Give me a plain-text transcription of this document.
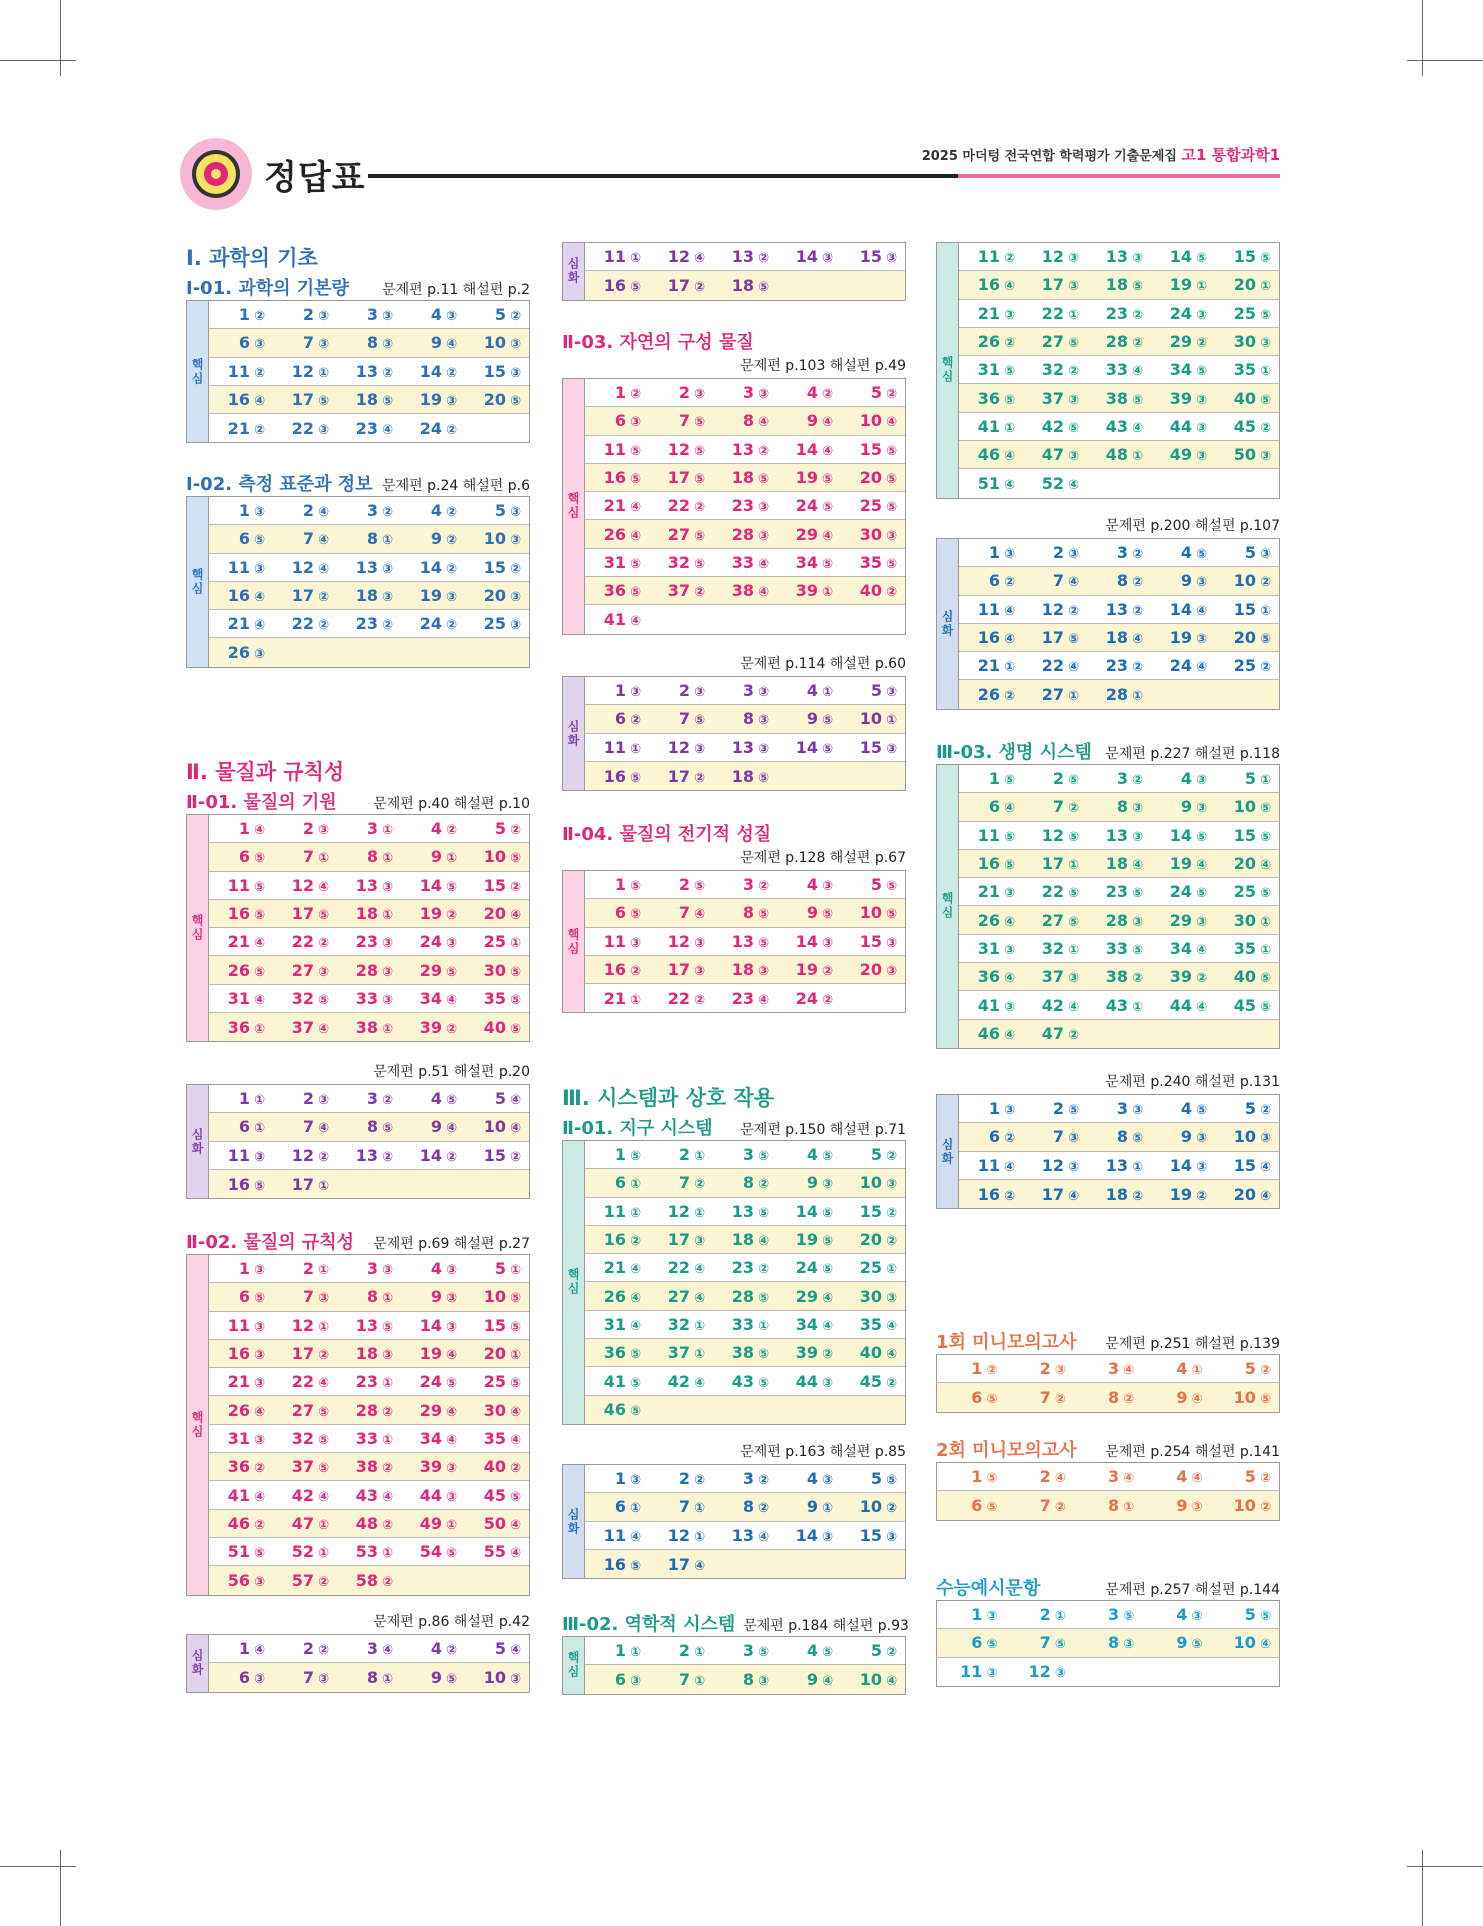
정답표
2025 마더텅 전국연합 학력평가 기출문제집 고1 통합과학1
Ⅰ. 과학의 기초
Ⅰ-01. 과학의 기본량	문제편 p.11 해설편 p.2
핵심
1 ②	2 ③	3 ③	4 ③	5 ②
6 ③	7 ③	8 ③	9 ④	10 ③
11 ②	12 ①	13 ②	14 ②	15 ③
16 ④	17 ⑤	18 ⑤	19 ③	20 ⑤
21 ②	22 ③	23 ④	24 ②
Ⅰ-02. 측정 표준과 정보 문제편 p.24 해설편 p.6
핵심
1 ③	2 ④	3 ②	4 ②	5 ③
6 ⑤	7 ④	8 ①	9 ②	10 ③
11 ③	12 ④	13 ③	14 ②	15 ②
16 ④	17 ②	18 ③	19 ③	20 ③
21 ④	22 ②	23 ②	24 ②	25 ③
26 ③
Ⅱ. 물질과 규칙성
Ⅱ-01. 물질의 기원	문제편 p.40 해설편 p.10
핵심
1 ④	2 ③	3 ①	4 ②	5 ②
6 ⑤	7 ①	8 ①	9 ①	10 ⑤
11 ⑤	12 ④	13 ③	14 ⑤	15 ②
16 ⑤	17 ⑤	18 ①	19 ②	20 ④
21 ④	22 ②	23 ③	24 ③	25 ①
26 ⑤	27 ③	28 ③	29 ⑤	30 ⑤
31 ④	32 ⑤	33 ③	34 ④	35 ⑤
36 ①	37 ④	38 ①	39 ②	40 ⑤
문제편 p.51 해설편 p.20
심화
1 ①	2 ③	3 ②	4 ⑤	5 ④
6 ①	7 ④	8 ⑤	9 ④	10 ④
11 ③	12 ②	13 ②	14 ②	15 ②
16 ⑤	17 ①
Ⅱ-02. 물질의 규칙성	문제편 p.69 해설편 p.27
핵심
1 ③	2 ①	3 ③	4 ③	5 ①
6 ⑤	7 ③	8 ①	9 ③	10 ⑤
11 ③	12 ①	13 ⑤	14 ③	15 ⑤
16 ③	17 ②	18 ③	19 ④	20 ①
21 ③	22 ④	23 ①	24 ⑤	25 ⑤
26 ④	27 ⑤	28 ②	29 ④	30 ④
31 ③	32 ⑤	33 ①	34 ④	35 ④
36 ②	37 ⑤	38 ②	39 ③	40 ②
41 ④	42 ④	43 ④	44 ③	45 ⑤
46 ②	47 ①	48 ②	49 ①	50 ④
51 ⑤	52 ①	53 ①	54 ⑤	55 ④
56 ③	57 ②	58 ②
문제편 p.86 해설편 p.42
심화
1 ④	2 ②	3 ④	4 ②	5 ④
6 ③	7 ③	8 ①	9 ⑤	10 ③
심화
11 ①	12 ④	13 ②	14 ③	15 ③
16 ⑤	17 ②	18 ⑤
Ⅱ-03. 자연의 구성 물질
문제편 p.103 해설편 p.49
핵심
1 ②	2 ③	3 ③	4 ②	5 ②
6 ③	7 ⑤	8 ④	9 ④	10 ④
11 ⑤	12 ⑤	13 ②	14 ④	15 ⑤
16 ⑤	17 ⑤	18 ⑤	19 ⑤	20 ⑤
21 ④	22 ②	23 ③	24 ⑤	25 ⑤
26 ④	27 ⑤	28 ③	29 ④	30 ③
31 ⑤	32 ⑤	33 ④	34 ⑤	35 ⑤
36 ⑤	37 ②	38 ④	39 ①	40 ②
41 ④
문제편 p.114 해설편 p.60
심화
1 ③	2 ③	3 ③	4 ①	5 ③
6 ②	7 ⑤	8 ③	9 ⑤	10 ①
11 ①	12 ③	13 ③	14 ⑤	15 ③
16 ⑤	17 ②	18 ⑤
Ⅱ-04. 물질의 전기적 성질
문제편 p.128 해설편 p.67
핵심
1 ⑤	2 ⑤	3 ②	4 ③	5 ⑤
6 ⑤	7 ④	8 ⑤	9 ⑤	10 ⑤
11 ③	12 ③	13 ⑤	14 ③	15 ③
16 ②	17 ③	18 ③	19 ②	20 ③
21 ①	22 ②	23 ④	24 ②
Ⅲ. 시스템과 상호 작용
Ⅱ-01. 지구 시스템	문제편 p.150 해설편 p.71
핵심
1 ⑤	2 ①	3 ⑤	4 ⑤	5 ②
6 ①	7 ②	8 ②	9 ③	10 ③
11 ①	12 ①	13 ⑤	14 ⑤	15 ②
16 ②	17 ③	18 ④	19 ⑤	20 ②
21 ④	22 ④	23 ②	24 ⑤	25 ①
26 ④	27 ④	28 ⑤	29 ④	30 ③
31 ④	32 ①	33 ①	34 ④	35 ④
36 ⑤	37 ①	38 ⑤	39 ②	40 ④
41 ⑤	42 ④	43 ⑤	44 ③	45 ②
46 ⑤
문제편 p.163 해설편 p.85
심화
1 ③	2 ②	3 ②	4 ③	5 ⑤
6 ①	7 ①	8 ②	9 ①	10 ②
11 ④	12 ①	13 ④	14 ③	15 ③
16 ⑤	17 ④
Ⅲ-02. 역학적 시스템 문제편 p.184 해설편 p.93
핵심
1 ①	2 ①	3 ⑤	4 ⑤	5 ②
6 ③	7 ①	8 ③	9 ④	10 ④
핵심
11 ②	12 ③	13 ③	14 ⑤	15 ⑤
16 ④	17 ③	18 ⑤	19 ①	20 ①
21 ③	22 ①	23 ②	24 ③	25 ⑤
26 ②	27 ⑤	28 ②	29 ②	30 ③
31 ⑤	32 ②	33 ④	34 ⑤	35 ①
36 ⑤	37 ③	38 ⑤	39 ③	40 ⑤
41 ①	42 ⑤	43 ④	44 ③	45 ②
46 ④	47 ③	48 ①	49 ③	50 ③
51 ④	52 ④
문제편 p.200 해설편 p.107
심화
1 ③	2 ③	3 ②	4 ⑤	5 ③
6 ②	7 ④	8 ②	9 ③	10 ②
11 ④	12 ②	13 ②	14 ④	15 ①
16 ④	17 ⑤	18 ④	19 ③	20 ⑤
21 ①	22 ④	23 ②	24 ④	25 ②
26 ②	27 ①	28 ①
Ⅲ-03. 생명 시스템 문제편 p.227 해설편 p.118
핵심
1 ⑤	2 ⑤	3 ②	4 ③	5 ①
6 ④	7 ②	8 ③	9 ③	10 ⑤
11 ⑤	12 ⑤	13 ③	14 ⑤	15 ⑤
16 ⑤	17 ①	18 ④	19 ④	20 ④
21 ③	22 ⑤	23 ⑤	24 ⑤	25 ⑤
26 ④	27 ⑤	28 ③	29 ③	30 ①
31 ③	32 ①	33 ⑤	34 ④	35 ①
36 ④	37 ③	38 ②	39 ②	40 ⑤
41 ③	42 ④	43 ①	44 ④	45 ⑤
46 ④	47 ②
문제편 p.240 해설편 p.131
심화
1 ③	2 ⑤	3 ③	4 ⑤	5 ②
6 ②	7 ③	8 ⑤	9 ③	10 ③
11 ④	12 ③	13 ①	14 ③	15 ④
16 ②	17 ④	18 ②	19 ②	20 ④
1회 미니모의고사	문제편 p.251 해설편 p.139
1 ②	2 ③	3 ④	4 ①	5 ②
6 ⑤	7 ②	8 ②	9 ④	10 ⑤
2회 미니모의고사	문제편 p.254 해설편 p.141
1 ⑤	2 ④	3 ④	4 ④	5 ②
6 ⑤	7 ②	8 ①	9 ③	10 ②
수능예시문항	문제편 p.257 해설편 p.144
1 ③	2 ①	3 ⑤	4 ③	5 ⑤
6 ⑤	7 ⑤	8 ③	9 ⑤	10 ④
11 ③	12 ③
